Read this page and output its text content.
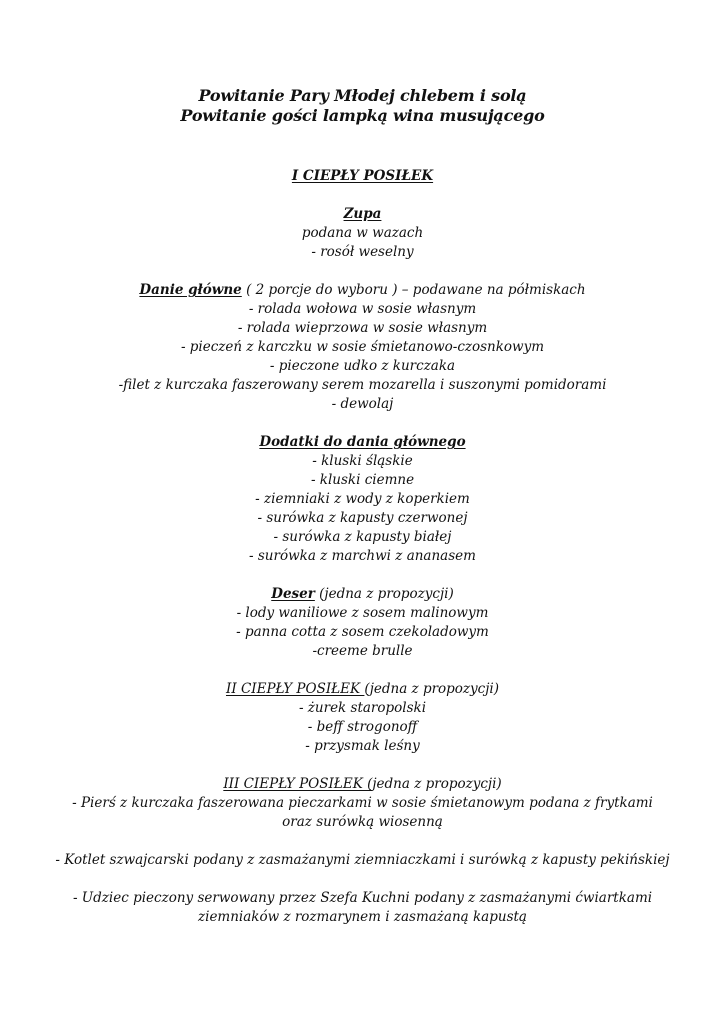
Powitanie Pary Młodej chlebem i solą
Powitanie gości lampką wina musującego
I CIEPŁY POSIŁEK
Zupa
podana w wazach
- rosół weselny
Danie główne ( 2 porcje do wyboru ) – podawane na półmiskach
- rolada wołowa w sosie własnym
- rolada wieprzowa w sosie własnym
- pieczeń z karczku w sosie śmietanowo-czosnkowym
- pieczone udko z kurczaka
-filet z kurczaka faszerowany serem mozarella i suszonymi pomidorami
- dewolaj
Dodatki do dania głównego
- kluski śląskie
- kluski ciemne
- ziemniaki z wody z koperkiem
- surówka z kapusty czerwonej
- surówka z kapusty białej
- surówka z marchwi z ananasem
Deser (jedna z propozycji)
- lody waniliowe z sosem malinowym
- panna cotta z sosem czekoladowym
-creeme brulle
II CIEPŁY POSIŁEK (jedna z propozycji)
- żurek staropolski
- beff strogonoff
- przysmak leśny
III CIEPŁY POSIŁEK (jedna z propozycji)
- Pierś z kurczaka faszerowana pieczarkami w sosie śmietanowym podana z frytkami oraz surówką wiosenną
- Kotlet szwajcarski podany z zasmażanymi ziemniaczkami i surówką z kapusty pekińskiej
- Udziec pieczony serwowany przez Szefa Kuchni podany z zasmażanymi ćwiartkami ziemniaków z rozmarynem i zasmażaną kapustą
